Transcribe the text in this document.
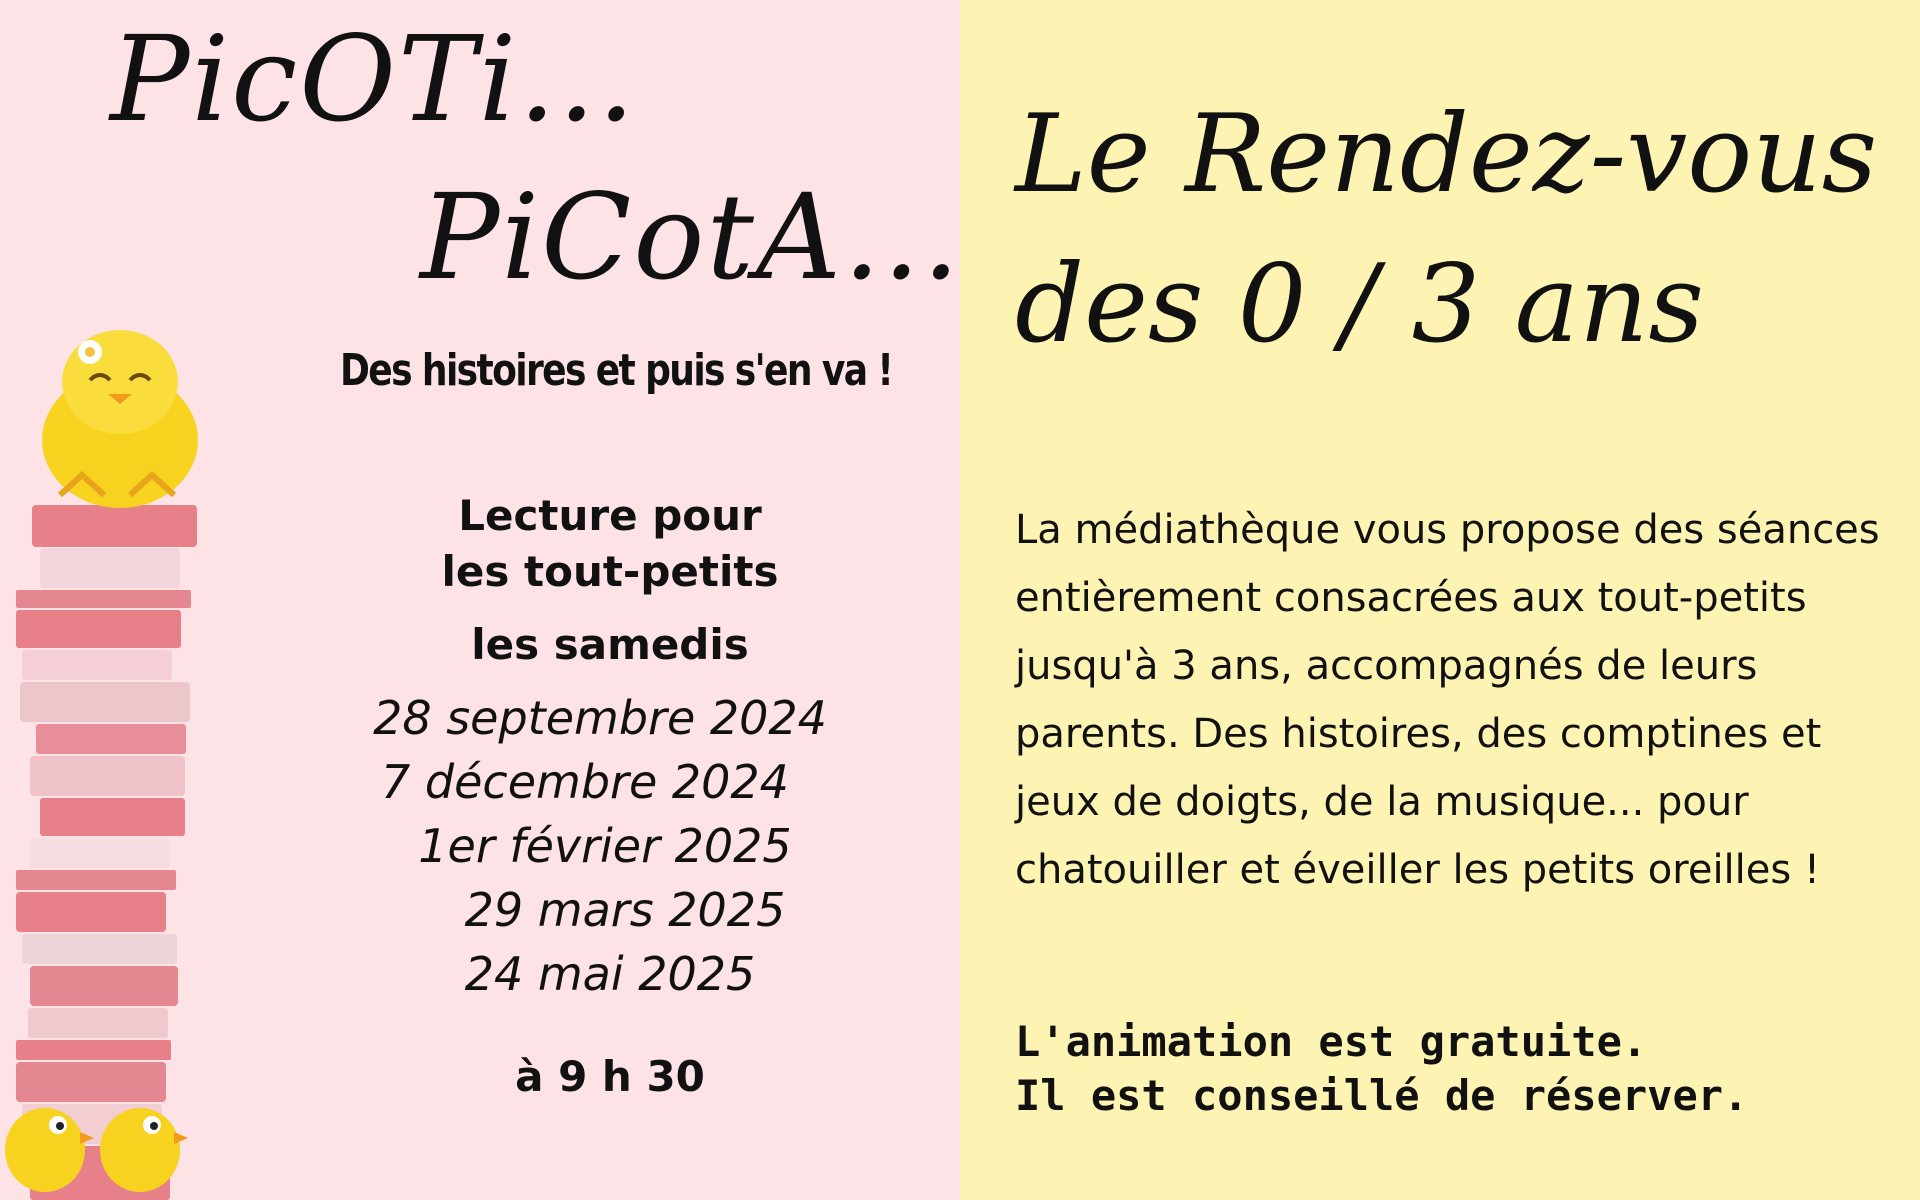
PicOTi...
PiCotA...
Des histoires et puis s'en va !
Lecture pour
les tout-petits
les samedis
28 septembre 2024
7 décembre 2024
1er février 2025
29 mars 2025
24 mai 2025
à 9 h 30
Le Rendez-vous
des 0 / 3 ans
La médiathèque vous propose des séances entièrement consacrées aux tout-petits jusqu'à 3 ans, accompagnés de leurs parents. Des histoires, des comptines et jeux de doigts, de la musique... pour chatouiller et éveiller les petits oreilles !
L'animation est gratuite.
Il est conseillé de réserver.
